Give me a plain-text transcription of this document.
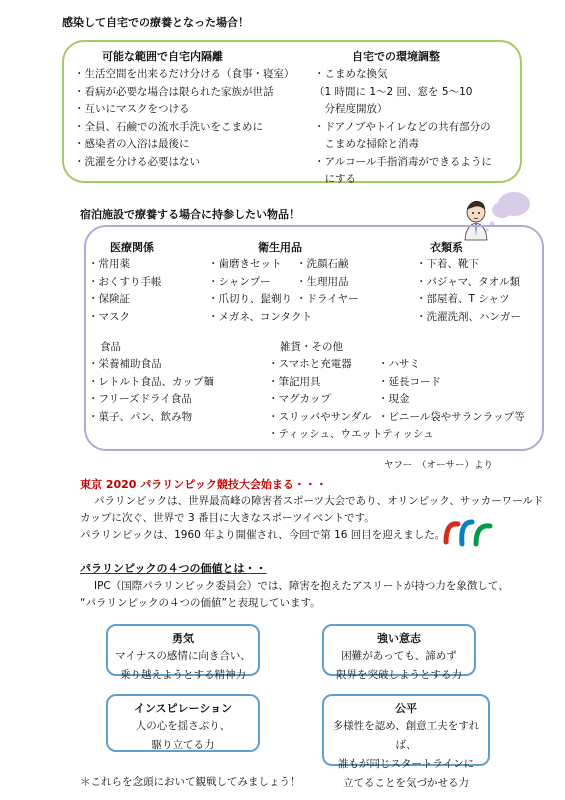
感染して自宅での療養となった場合！
可能な範囲で自宅内隔離
・生活空間を出来るだけ分ける（食事・寝室）
・看病が必要な場合は限られた家族が世話
・互いにマスクをつける
・全員、石鹸での流水手洗いをこまめに
・感染者の入浴は最後に
・洗濯を分ける必要はない
自宅での環境調整
・こまめな換気
（1 時間に 1～2 回、窓を 5～10
　分程度開放）
・ドアノブやトイレなどの共有部分の
　こまめな掃除と消毒
・アルコール手指消毒ができるように
　にする
宿泊施設で療養する場合に持参したい物品！
医療関係
・常用薬
・おくすり手帳
・保険証
・マスク
衛生用品
・歯磨きセット
・シャンプー
・爪切り、髭剃り
・メガネ、コンタクト
・洗顔石鹸
・生理用品
・ドライヤー
衣類系
・下着、靴下
・パジャマ、タオル類
・部屋着、T シャツ
・洗濯洗剤、ハンガー
食品
・栄養補助食品
・レトルト食品、カップ麺
・フリーズドライ食品
・菓子、パン、飲み物
雑貨・その他
・スマホと充電器
・筆記用具
・マグカップ
・スリッパやサンダル
・ティッシュ、ウエットティッシュ
・ハサミ
・延長コード
・現金
・ビニール袋やサランラップ等
ヤフー　（オーサー）より
東京 2020 パラリンピック競技大会始まる・・・
パラリンピックは、世界最高峰の障害者スポーツ大会であり、オリンピック、サッカーワールド
カップに次ぐ、世界で 3 番目に大きなスポーツイベントです。
パラリンピックは、1960 年より開催され、今回で第 16 回目を迎えました。
パラリンピックの４つの価値とは・・
IPC（国際パラリンピック委員会）では、障害を抱えたアスリートが持つ力を象徴して、
“パラリンピックの４つの価値”と表現しています。
勇気
マイナスの感情に向き合い、
乗り越えようとする精神力
強い意志
困難があっても、諦めず
限界を突破しようとする力
インスピレーション
人の心を揺さぶり、
駆り立てる力
公平
多様性を認め、創意工夫をすれば、
誰もが同じスタートラインに
立てることを気づかせる力
＊これらを念頭において観戦してみましょう！
